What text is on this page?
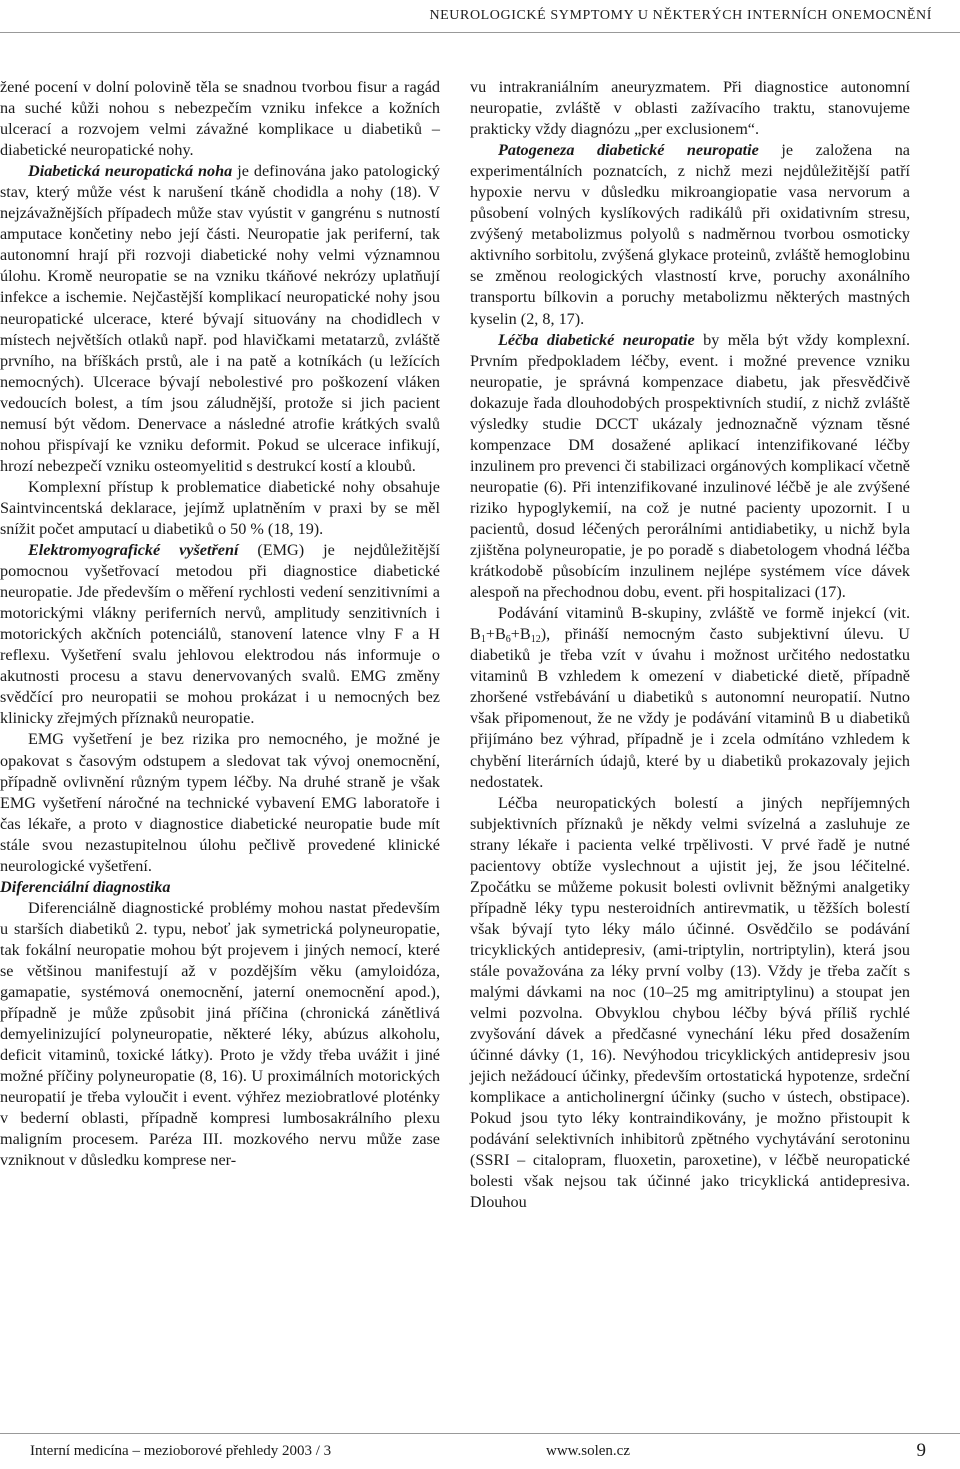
NEUROLOGICKÉ SYMPTOMY U NĚKTERÝCH INTERNÍCH ONEMOCNĚNÍ

žené pocení v dolní polovině těla se snadnou tvorbou fisur a ragád na suché kůži nohou s nebezpečím vzniku infekce a kožních ulcerací a rozvojem velmi závažné komplikace u diabetiků – diabetické neuropatické nohy.

Diabetická neuropatická noha je definována jako patologický stav, který může vést k narušení tkáně chodidla a nohy (18). V nejzávažnějších případech může stav vyústit v gangrénu s nutností amputace končetiny nebo její části. Neuropatie jak periferní, tak autonomní hrají při rozvoji diabetické nohy velmi významnou úlohu. Kromě neuropatie se na vzniku tkáňové nekrózy uplatňují infekce a ischemie. Nejčastější komplikací neuropatické nohy jsou neuropatické ulcerace, které bývají situovány na chodidlech v místech největších otlaků např. pod hlavičkami metatarzů, zvláště prvního, na bříškách prstů, ale i na patě a kotníkách (u ležících nemocných). Ulcerace bývají nebolestivé pro poškození vláken vedoucích bolest, a tím jsou záludnější, protože si jich pacient nemusí být vědom. Denervace a následné atrofie krátkých svalů nohou přispívají ke vzniku deformit. Pokud se ulcerace infikují, hrozí nebezpečí vzniku osteomyelitid s destrukcí kostí a kloubů.

Komplexní přístup k problematice diabetické nohy obsahuje Saintvincentská deklarace, jejímž uplatněním v praxi by se měl snížit počet amputací u diabetiků o 50 % (18, 19).

Elektromyografické vyšetření (EMG) je nejdůležitější pomocnou vyšetřovací metodou při diagnostice diabetické neuropatie. Jde především o měření rychlosti vedení senzitivními a motorickými vlákny periferních nervů, amplitudy senzitivních i motorických akčních potenciálů, stanovení latence vlny F a H reflexu. Vyšetření svalu jehlovou elektrodou nás informuje o akutnosti procesu a stavu denervovaných svalů. EMG změny svědčící pro neuropatii se mohou prokázat i u nemocných bez klinicky zřejmých příznaků neuropatie.

EMG vyšetření je bez rizika pro nemocného, je možné je opakovat s časovým odstupem a sledovat tak vývoj onemocnění, případně ovlivnění různým typem léčby. Na druhé straně je však EMG vyšetření náročné na technické vybavení EMG laboratoře i čas lékaře, a proto v diagnostice diabetické neuropatie bude mít stále svou nezastupitelnou úlohu pečlivě provedené klinické neurologické vyšetření.

Diferenciální diagnostika

Diferenciálně diagnostické problémy mohou nastat především u starších diabetiků 2. typu, neboť jak symetrická polyneuropatie, tak fokální neuropatie mohou být projevem i jiných nemocí, které se většinou manifestují až v pozdějším věku (amyloidóza, gamapatie, systémová onemocnění, jaterní onemocnění apod.), případně je může způsobit jiná příčina (chronická zánětlivá demyelinizující polyneuropatie, některé léky, abúzus alkoholu, deficit vitaminů, toxické látky). Proto je vždy třeba uvážit i jiné možné příčiny polyneuropatie (8, 16). U proximálních motorických neuropatií je třeba vyloučit i event. výhřez meziobratlové ploténky v bederní oblasti, případně kompresi lumbosakrálního plexu maligním procesem. Paréza III. mozkového nervu může zase vzniknout v důsledku komprese ner-

vu intrakraniálním aneuryzmatem. Při diagnostice autonomní neuropatie, zvláště v oblasti zažívacího traktu, stanovujeme prakticky vždy diagnózu „per exclusionem“.

Patogeneza diabetické neuropatie je založena na experimentálních poznatcích, z nichž mezi nejdůležitější patří hypoxie nervu v důsledku mikroangiopatie vasa nervorum a působení volných kyslíkových radikálů při oxidativním stresu, zvýšený metabolizmus polyolů s nadměrnou tvorbou osmoticky aktivního sorbitolu, zvýšená glykace proteinů, zvláště hemoglobinu se změnou reologických vlastností krve, poruchy axonálního transportu bílkovin a poruchy metabolizmu některých mastných kyselin (2, 8, 17).

Léčba diabetické neuropatie by měla být vždy komplexní. Prvním předpokladem léčby, event. i možné prevence vzniku neuropatie, je správná kompenzace diabetu, jak přesvědčivě dokazuje řada dlouhodobých prospektivních studií, z nichž zvláště výsledky studie DCCT ukázaly jednoznačně význam těsné kompenzace DM dosažené aplikací intenzifikované léčby inzulinem pro prevenci či stabilizaci orgánových komplikací včetně neuropatie (6). Při intenzifikované inzulinové léčbě je ale zvýšené riziko hypoglykemií, na což je nutné pacienty upozornit. I u pacientů, dosud léčených perorálními antidiabetiky, u nichž byla zjištěna polyneuropatie, je po poradě s diabetologem vhodná léčba krátkodobě působícím inzulinem nejlépe systémem více dávek alespoň na přechodnou dobu, event. při hospitalizaci (17).

Podávání vitaminů B-skupiny, zvláště ve formě injekcí (vit. $B_1+B_6+B_{12}$), přináší nemocným často subjektivní úlevu. U diabetiků je třeba vzít v úvahu i možnost určitého nedostatku vitaminů B vzhledem k omezení v diabetické dietě, případně zhoršené vstřebávání u diabetiků s autonomní neuropatií. Nutno však připomenout, že ne vždy je podávání vitaminů B u diabetiků přijímáno bez výhrad, případně je i zcela odmítáno vzhledem k chybění literárních údajů, které by u diabetiků prokazovaly jejich nedostatek.

Léčba neuropatických bolestí a jiných nepříjemných subjektivních příznaků je někdy velmi svízelná a zasluhuje ze strany lékaře i pacienta velké trpělivosti. V prvé řadě je nutné pacientovy obtíže vyslechnout a ujistit jej, že jsou léčitelné. Zpočátku se můžeme pokusit bolesti ovlivnit běžnými analgetiky případně léky typu nesteroidních antirevmatik, u těžších bolestí však bývají tyto léky málo účinné. Osvědčilo se podávání tricyklických antidepresiv, (ami-triptylin, nortriptylin), která jsou stále považována za léky první volby (13). Vždy je třeba začít s malými dávkami na noc (10–25 mg amitriptylinu) a stoupat jen velmi pozvolna. Obvyklou chybou léčby bývá příliš rychlé zvyšování dávek a předčasné vynechání léku před dosažením účinné dávky (1, 16). Nevýhodou tricyklických antidepresiv jsou jejich nežádoucí účinky, především ortostatická hypotenze, srdeční komplikace a anticholinergní účinky (sucho v ústech, obstipace). Pokud jsou tyto léky kontraindikovány, je možno přistoupit k podávání selektivních inhibitorů zpětného vychytávání serotoninu (SSRI – citalopram, fluoxetin, paroxetine), v léčbě neuropatické bolesti však nejsou tak účinné jako tricyklická antidepresiva. Dlouhou

Interní medicína – mezioborové přehledy 2003 / 3	www.solen.cz	9
